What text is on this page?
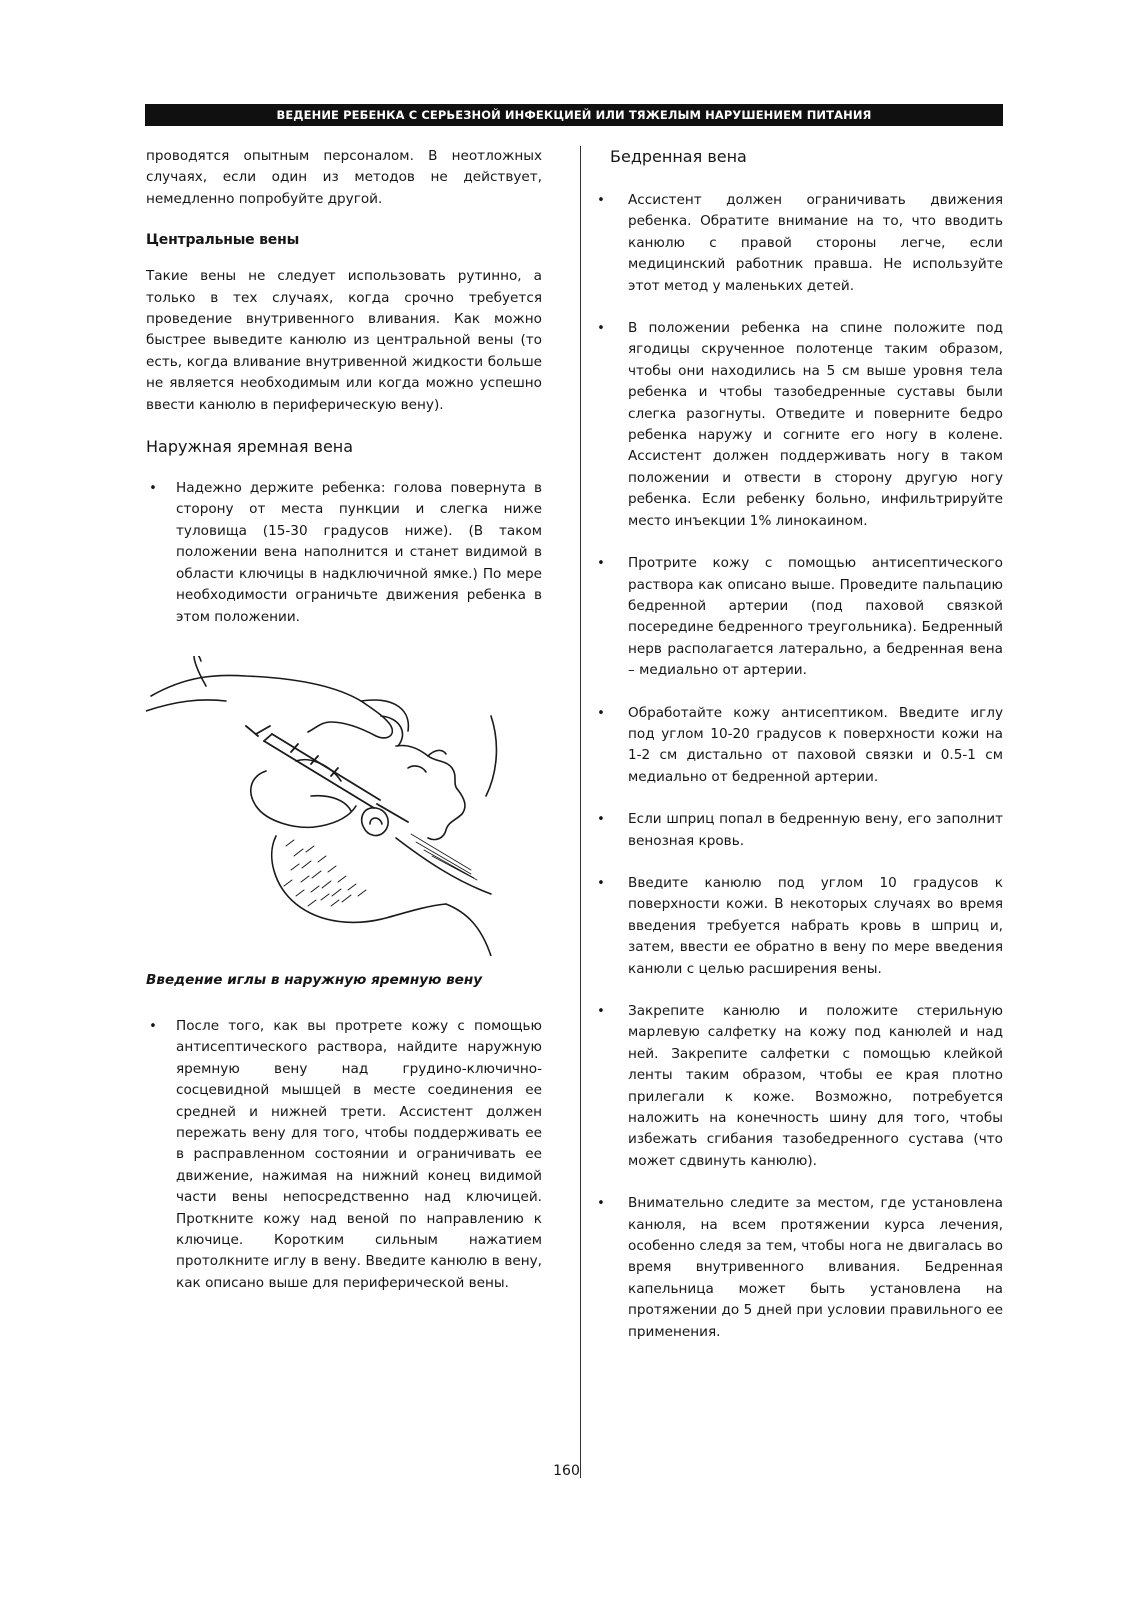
ВЕДЕНИЕ РЕБЕНКА С СЕРЬЕЗНОЙ ИНФЕКЦИЕЙ ИЛИ ТЯЖЕЛЫМ НАРУШЕНИЕМ ПИТАНИЯ

проводятся опытным персоналом. В неотложных случаях, если один из методов не действует, немедленно попробуйте другой.

Центральные вены

Такие вены не следует использовать рутинно, а только в тех случаях, когда срочно требуется проведение внутривенного вливания. Как можно быстрее выведите канюлю из центральной вены (то есть, когда вливание внутривенной жидкости больше не является необходимым или когда можно успешно ввести канюлю в периферическую вену).

Наружная яремная вена
• Надежно держите ребенка: голова повернута в сторону от места пункции и слегка ниже туловища (15-30 градусов ниже). (В таком положении вена наполнится и станет видимой в области ключицы в надключичной ямке.) По мере необходимости ограничьте движения ребенка в этом положении.
Введение иглы в наружную яремную вену
• После того, как вы протрете кожу с помощью антисептического раствора, найдите наружную яремную вену над грудино-ключично-сосцевидной мышцей в месте соединения ее средней и нижней трети. Ассистент должен пережать вену для того, чтобы поддерживать ее в расправленном состоянии и ограничивать ее движение, нажимая на нижний конец видимой части вены непосредственно над ключицей. Проткните кожу над веной по направлению к ключице. Коротким сильным нажатием протолкните иглу в вену. Введите канюлю в вену, как описано выше для периферической вены.
Бедренная вена
• Ассистент должен ограничивать движения ребенка. Обратите внимание на то, что вводить канюлю с правой стороны легче, если медицинский работник правша. Не используйте этот метод у маленьких детей.
• В положении ребенка на спине положите под ягодицы скрученное полотенце таким образом, чтобы они находились на 5 см выше уровня тела ребенка и чтобы тазобедренные суставы были слегка разогнуты. Отведите и поверните бедро ребенка наружу и согните его ногу в колене. Ассистент должен поддерживать ногу в таком положении и отвести в сторону другую ногу ребенка. Если ребенку больно, инфильтрируйте место инъекции 1% линокаином.
• Протрите кожу с помощью антисептического раствора как описано выше. Проведите пальпацию бедренной артерии (под паховой связкой посередине бедренного треугольника). Бедренный нерв располагается латерально, а бедренная вена – медиально от артерии.
• Обработайте кожу антисептиком. Введите иглу под углом 10-20 градусов к поверхности кожи на 1-2 см дистально от паховой связки и 0.5-1 см медиально от бедренной артерии.
• Если шприц попал в бедренную вену, его заполнит венозная кровь.
• Введите канюлю под углом 10 градусов к поверхности кожи. В некоторых случаях во время введения требуется набрать кровь в шприц и, затем, ввести ее обратно в вену по мере введения канюли с целью расширения вены.
• Закрепите канюлю и положите стерильную марлевую салфетку на кожу под канюлей и над ней. Закрепите салфетки с помощью клейкой ленты таким образом, чтобы ее края плотно прилегали к коже. Возможно, потребуется наложить на конечность шину для того, чтобы избежать сгибания тазобедренного сустава (что может сдвинуть канюлю).
• Внимательно следите за местом, где установлена канюля, на всем протяжении курса лечения, особенно следя за тем, чтобы нога не двигалась во время внутривенного вливания. Бедренная капельница может быть установлена на протяжении до 5 дней при условии правильного ее применения.
160
